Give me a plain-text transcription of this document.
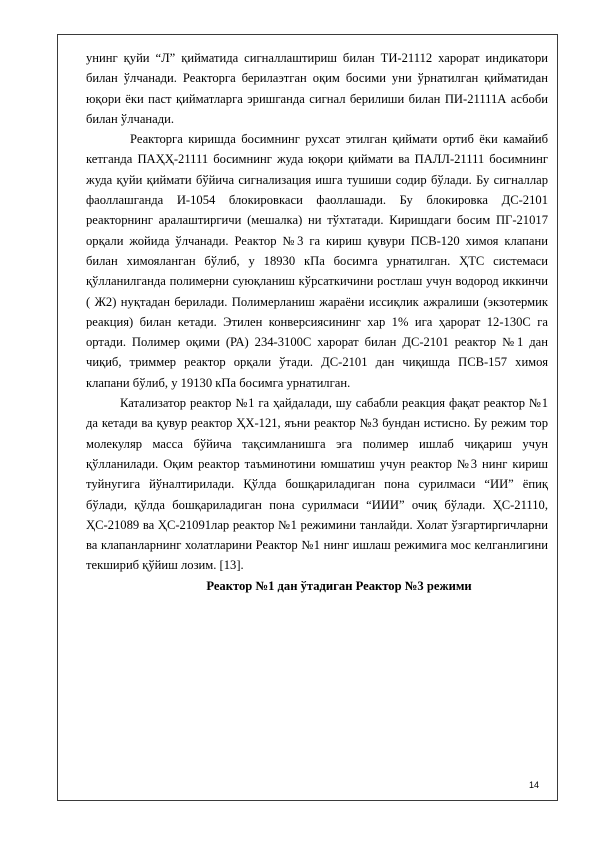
унинг қуйи “Л” қийматида сигналлаштириш билан ТИ-21112 харорат индикатори билан ўлчанади. Реакторга берилаэтган оқим босими уни ўрнатилган қийматидан юқори ёки паст қийматларга эришганда сигнал берилиши билан ПИ-21111А асбоби билан ўлчанади.

Реакторга киришда босимнинг рухсат этилган қиймати ортиб ёки камайиб кетганда ПАҲҲ-21111 босимнинг жуда юқори қиймати ва ПАЛЛ-21111 босимнинг жуда қуйи қиймати бўйича сигнализация ишга тушиши содир бўлади. Бу сигналлар фаоллашганда И-1054 блокировкаси фаоллашади. Бу блокировка ДС-2101 реакторнинг аралаштиргичи (мешалка) ни тўхтатади. Киришдаги босим ПГ-21017 орқали жойида ўлчанади. Реактор №3 га кириш қувури ПСВ-120 химоя клапани билан химояланган бўлиб, у 18930 кПа босимга урнатилган. ҲТС системаси қўлланилганда полимерни суюқланиш кўрсаткичини ростлаш учун водород иккинчи ( Ж2) нуқтадан берилади. Полимерланиш жараёни иссиқлик ажралиши (экзотермик реакция) билан кетади. Этилен конверсиясининг хар 1% ига ҳарорат 12-130С га ортади. Полимер оқими (РА) 234-3100С харорат билан ДС-2101 реактор №1 дан чиқиб, триммер реактор орқали ўтади. ДС-2101 дан чиқишда ПСВ-157 химоя клапани бўлиб, у 19130 кПа босимга урнатилган.

Катализатор реактор №1 га ҳайдалади, шу сабабли реакция фақат реактор №1 да кетади ва қувур реактор ҲХ-121, яъни реактор №3 бундан истисно. Бу режим тор молекуляр масса бўйича тақсимланишга эга полимер ишлаб чиқариш учун қўлланилади. Оқим реактор таъминотини юмшатиш учун реактор №3 нинг кириш туйнугига йўналтирилади. Қўлда бошқариладиган пона сурилмаси “ИИ” ёпиқ бўлади, қўлда бошқариладиган пона сурилмаси “ИИИ” очиқ бўлади. ҲС-21110, ҲС-21089 ва ҲС-21091лар реактор №1 режимини танлайди. Холат ўзгартиргичларни ва клапанларнинг холатларини Реактор №1 нинг ишлаш режимига мос келганлигини текшириб қўйиш лозим. [13].

Реактор №1 дан ўтадиган Реактор №3 режими

14
